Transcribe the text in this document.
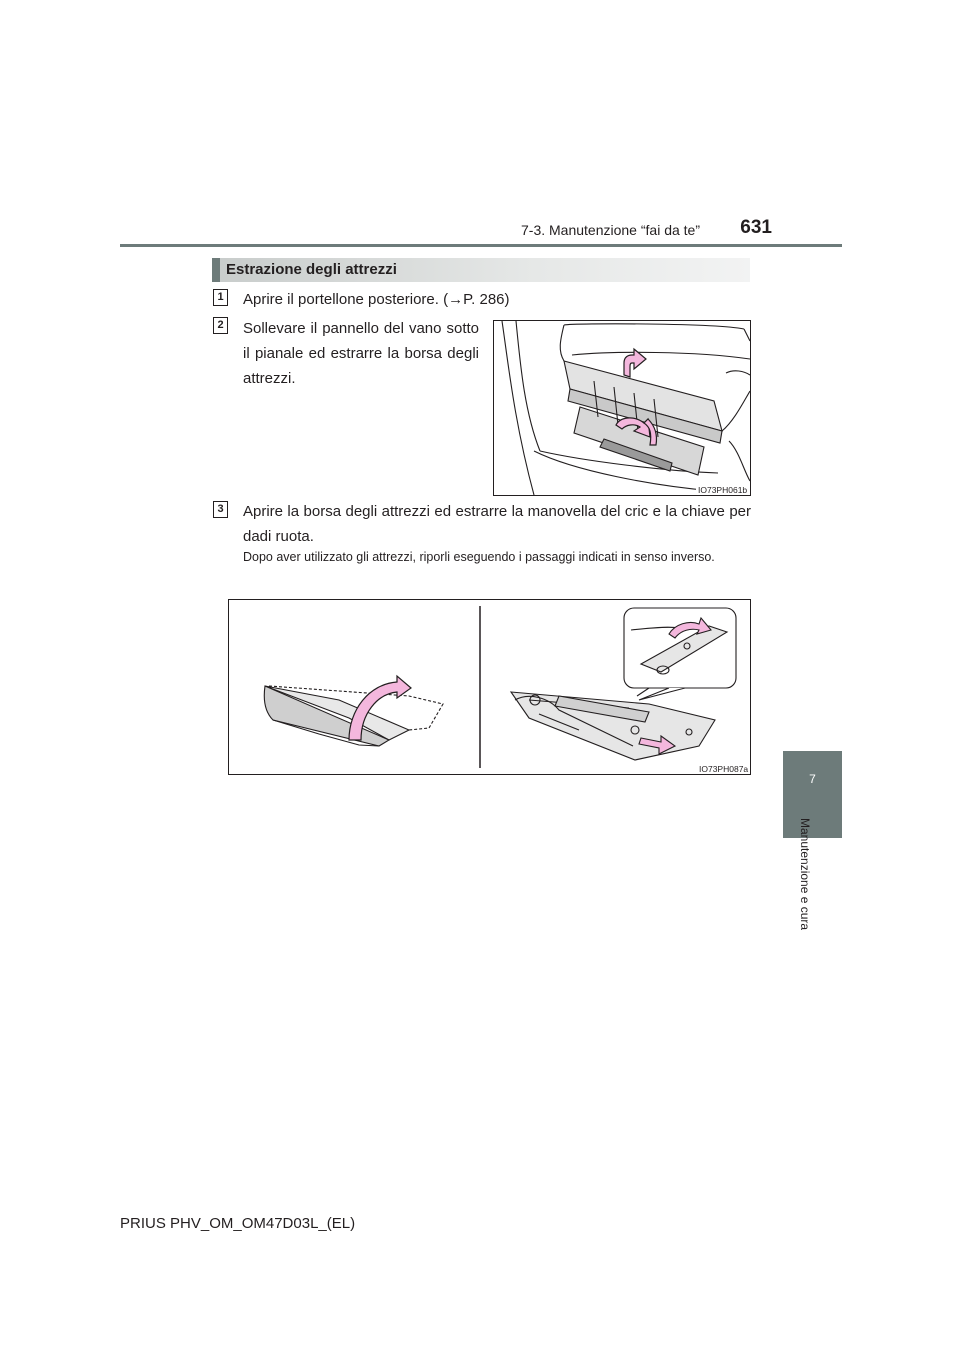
7-3. Manutenzione “fai da te”	631
7
Manutenzione e cura
Estrazione degli attrezzi
1 Aprire il portellone posteriore. (→P. 286)
2 Sollevare il pannello del vano sotto il pianale ed estrarre la borsa degli attrezzi.
IO73PH061b
3 Aprire la borsa degli attrezzi ed estrarre la manovella del cric e la chiave per dadi ruota.
Dopo aver utilizzato gli attrezzi, riporli eseguendo i passaggi indicati in senso inverso.
IO73PH087a
PRIUS PHV_OM_OM47D03L_(EL)
